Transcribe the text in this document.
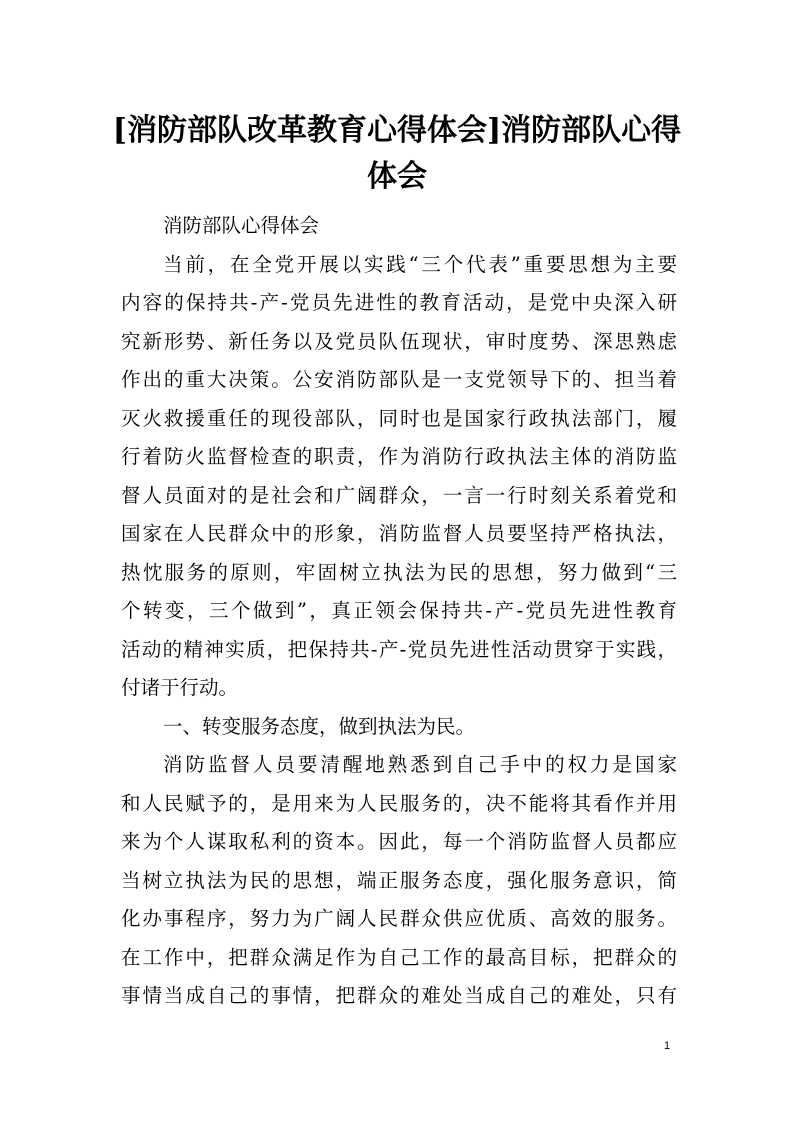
[消防部队改革教育心得体会]消防部队心得
体会
消防部队心得体会
当前，在全党开展以实践“三个代表”重要思想为主要
内容的保持共-产-党员先进性的教育活动，是党中央深入研
究新形势、新任务以及党员队伍现状，审时度势、深思熟虑
作出的重大决策。公安消防部队是一支党领导下的、担当着
灭火救援重任的现役部队，同时也是国家行政执法部门，履
行着防火监督检查的职责，作为消防行政执法主体的消防监
督人员面对的是社会和广阔群众，一言一行时刻关系着党和
国家在人民群众中的形象，消防监督人员要坚持严格执法，
热忱服务的原则，牢固树立执法为民的思想，努力做到“三
个转变，三个做到”，真正领会保持共-产-党员先进性教育
活动的精神实质，把保持共-产-党员先进性活动贯穿于实践，
付诸于行动。
一、转变服务态度，做到执法为民。
消防监督人员要清醒地熟悉到自己手中的权力是国家
和人民赋予的，是用来为人民服务的，决不能将其看作并用
来为个人谋取私利的资本。因此，每一个消防监督人员都应
当树立执法为民的思想，端正服务态度，强化服务意识，简
化办事程序，努力为广阔人民群众供应优质、高效的服务。
在工作中，把群众满足作为自己工作的最高目标，把群众的
事情当成自己的事情，把群众的难处当成自己的难处，只有
1
